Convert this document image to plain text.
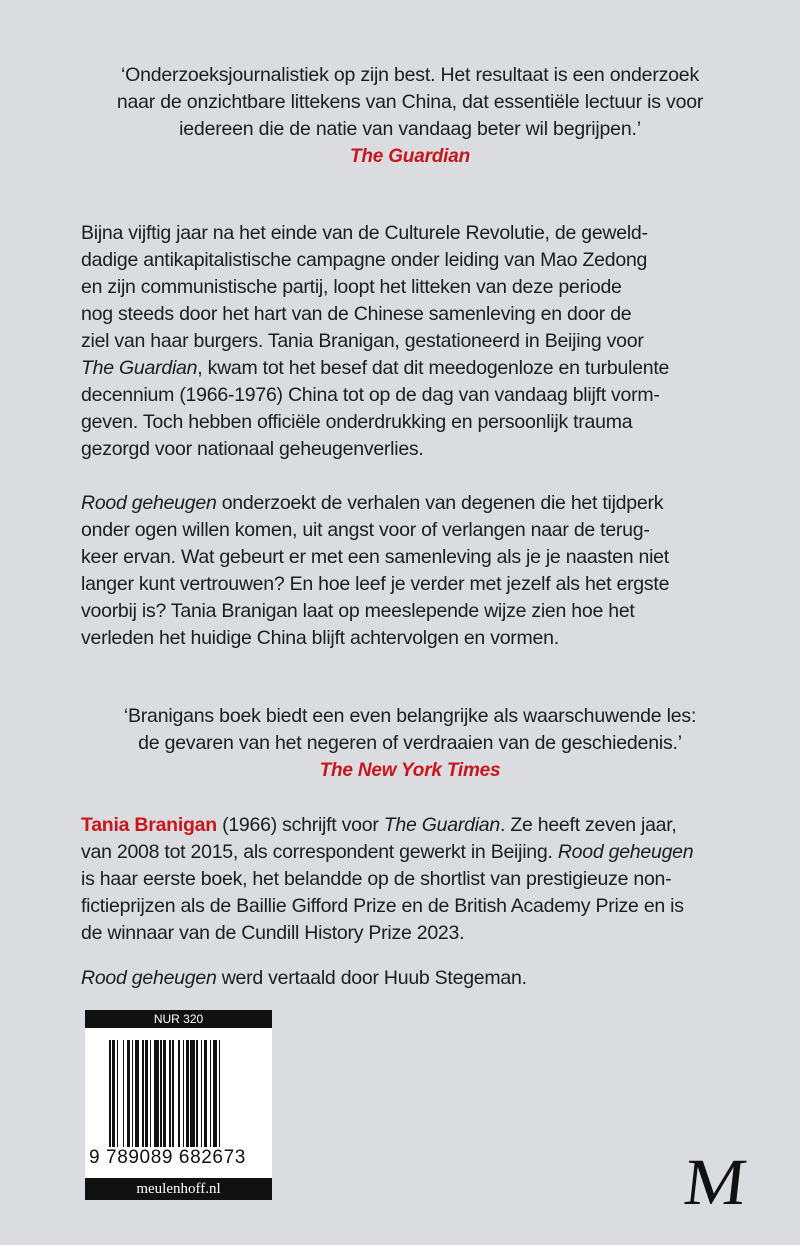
‘Onderzoeksjournalistiek op zijn best. Het resultaat is een onderzoek
naar de onzichtbare littekens van China, dat essentiële lectuur is voor
iedereen die de natie van vandaag beter wil begrijpen.’
The Guardian
Bijna vijftig jaar na het einde van de Culturele Revolutie, de geweld-
dadige antikapitalistische campagne onder leiding van Mao Zedong
en zijn communistische partij, loopt het litteken van deze periode
nog steeds door het hart van de Chinese samenleving en door de
ziel van haar burgers. Tania Branigan, gestationeerd in Beijing voor
The Guardian, kwam tot het besef dat dit meedogenloze en turbulente
decennium (1966-1976) China tot op de dag van vandaag blijft vorm-
geven. Toch hebben officiële onderdrukking en persoonlijk trauma
gezorgd voor nationaal geheugenverlies.
Rood geheugen onderzoekt de verhalen van degenen die het tijdperk
onder ogen willen komen, uit angst voor of verlangen naar de terug-
keer ervan. Wat gebeurt er met een samenleving als je je naasten niet
langer kunt vertrouwen? En hoe leef je verder met jezelf als het ergste
voorbij is? Tania Branigan laat op meeslepende wijze zien hoe het
verleden het huidige China blijft achtervolgen en vormen.
‘Branigans boek biedt een even belangrijke als waarschuwende les:
de gevaren van het negeren of verdraaien van de geschiedenis.’
The New York Times
Tania Branigan (1966) schrijft voor The Guardian. Ze heeft zeven jaar,
van 2008 tot 2015, als correspondent gewerkt in Beijing. Rood geheugen
is haar eerste boek, het belandde op de shortlist van prestigieuze non-
fictieprijzen als de Baillie Gifford Prize en de British Academy Prize en is
de winnaar van de Cundill History Prize 2023.
Rood geheugen werd vertaald door Huub Stegeman.
NUR 320
9 789089 682673
meulenhoff.nl	M
